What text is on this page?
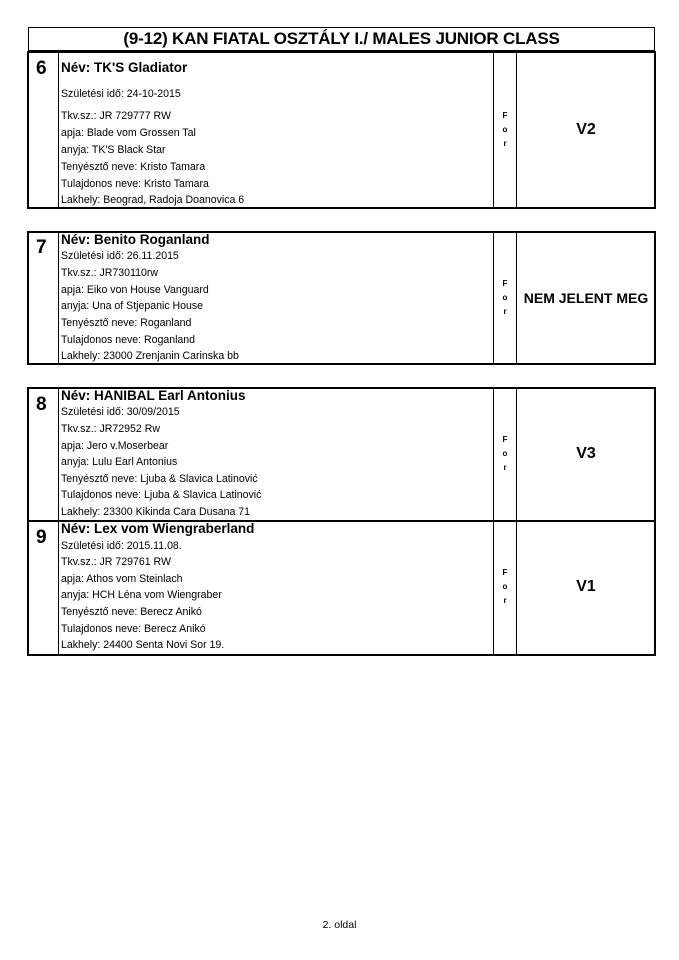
(9-12) KAN FIATAL OSZTÁLY I./ MALES JUNIOR CLASS
6 Név: TK'S Gladiator
Születési idő: 24-10-2015
Tkv.sz.: JR 729777 RW
apja: Blade vom Grossen Tal
anyja: TK'S Black Star
Tenyésztő neve: Kristo Tamara
Tulajdonos neve: Kristo Tamara
Lakhely: Beograd, Radoja Doanovica 6
F
o
r
V2
7 Név: Benito Roganland
Születési idő: 26.11.2015
Tkv.sz.: JR730110rw
apja: Eiko von House Vanguard
anyja: Una of Stjepanic House
Tenyésztő neve: Roganland
Tulajdonos neve: Roganland
Lakhely: 23000 Zrenjanin Carinska bb
F
o
r
NEM JELENT MEG
8 Név: HANIBAL Earl Antonius
Születési idő: 30/09/2015
Tkv.sz.: JR72952 Rw
apja: Jero v.Moserbear
anyja: Lulu Earl Antonius
Tenyésztő neve: Ljuba & Slavica Latinović
Tulajdonos neve: Ljuba & Slavica Latinović
Lakhely: 23300 Kikinda Cara Dusana 71
F
o
r
V3
9 Név: Lex vom Wiengraberland
Születési idő: 2015.11.08.
Tkv.sz.: JR 729761 RW
apja: Athos vom Steinlach
anyja: HCH Léna vom Wiengraber
Tenyésztő neve: Berecz Anikó
Tulajdonos neve: Berecz Anikó
Lakhely: 24400 Senta Novi Sor 19.
F
o
r
V1
2. oldal
